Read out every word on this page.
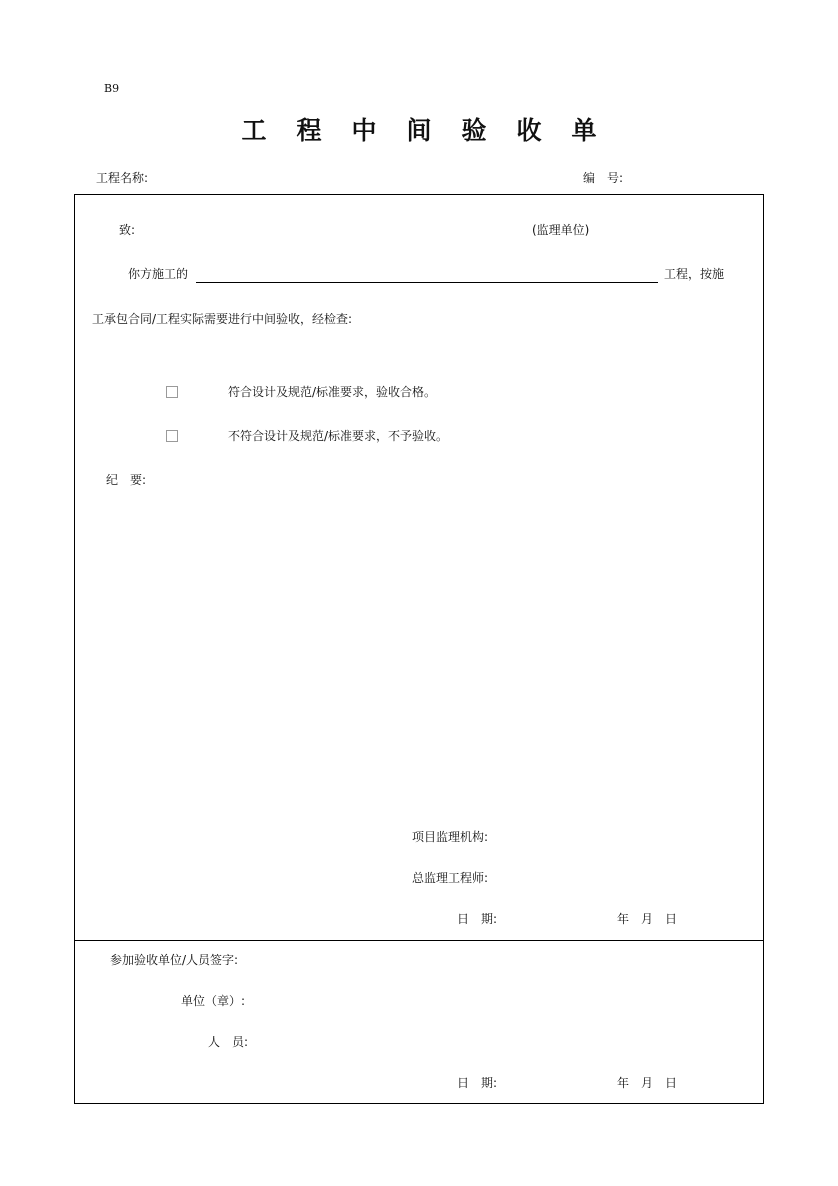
B9
工程中间验收单
工程名称:	编　号:
致:	(监理单位)
你方施工的	工程，按施
工承包合同/工程实际需要进行中间验收，经检查:
符合设计及规范/标准要求，验收合格。
不符合设计及规范/标准要求，不予验收。
纪　要:
项目监理机构:
总监理工程师:
日　期:	年　月　日
参加验收单位/人员签字:
单位（章）:
人　员:
日　期:	年　月　日
